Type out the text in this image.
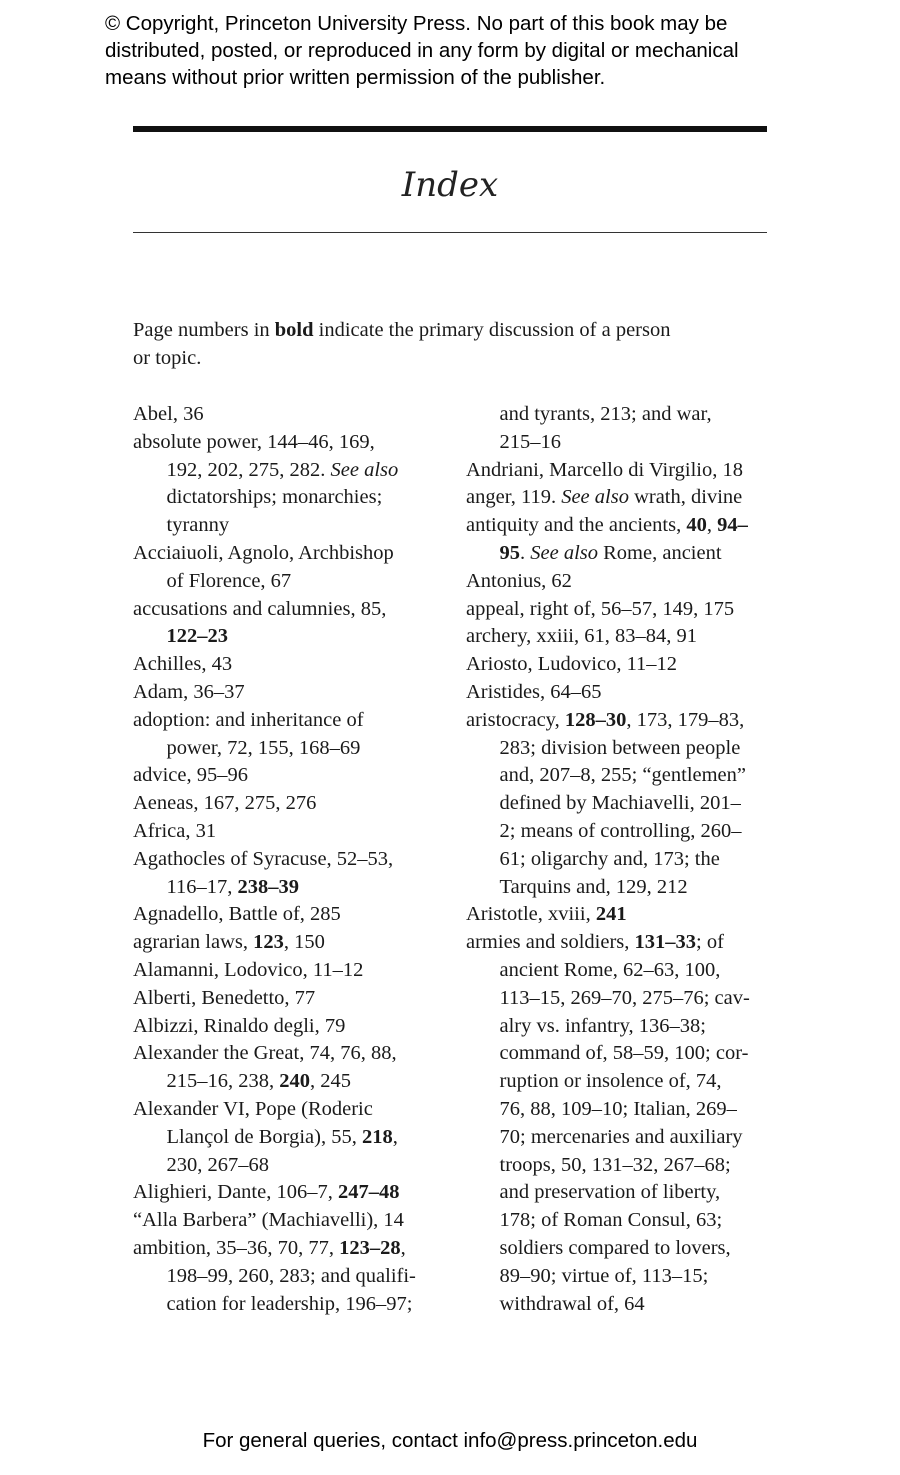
© Copyright, Princeton University Press. No part of this book may be
distributed, posted, or reproduced in any form by digital or mechanical
means without prior written permission of the publisher.
Index
Page numbers in bold indicate the primary discussion of a person
or topic.
Abel, 36
absolute power, 144–46, 169,
192, 202, 275, 282. See also
dictatorships; monarchies;
tyranny
Acciaiuoli, Agnolo, Archbishop
of Florence, 67
accusations and calumnies, 85,
122–23
Achilles, 43
Adam, 36–37
adoption: and inheritance of
power, 72, 155, 168–69
advice, 95–96
Aeneas, 167, 275, 276
Africa, 31
Agathocles of Syracuse, 52–53,
116–17, 238–39
Agnadello, Battle of, 285
agrarian laws, 123, 150
Alamanni, Lodovico, 11–12
Alberti, Benedetto, 77
Albizzi, Rinaldo degli, 79
Alexander the Great, 74, 76, 88,
215–16, 238, 240, 245
Alexander VI, Pope (Roderic
Llançol de Borgia), 55, 218,
230, 267–68
Alighieri, Dante, 106–7, 247–48
“Alla Barbera” (Machiavelli), 14
ambition, 35–36, 70, 77, 123–28,
198–99, 260, 283; and qualifi-
cation for leadership, 196–97;
and tyrants, 213; and war,
215–16
Andriani, Marcello di Virgilio, 18
anger, 119. See also wrath, divine
antiquity and the ancients, 40, 94–
95. See also Rome, ancient
Antonius, 62
appeal, right of, 56–57, 149, 175
archery, xxiii, 61, 83–84, 91
Ariosto, Ludovico, 11–12
Aristides, 64–65
aristocracy, 128–30, 173, 179–83,
283; division between people
and, 207–8, 255; “gentlemen”
defined by Machiavelli, 201–
2; means of controlling, 260–
61; oligarchy and, 173; the
Tarquins and, 129, 212
Aristotle, xviii, 241
armies and soldiers, 131–33; of
ancient Rome, 62–63, 100,
113–15, 269–70, 275–76; cav-
alry vs. infantry, 136–38;
command of, 58–59, 100; cor-
ruption or insolence of, 74,
76, 88, 109–10; Italian, 269–
70; mercenaries and auxiliary
troops, 50, 131–32, 267–68;
and preservation of liberty,
178; of Roman Consul, 63;
soldiers compared to lovers,
89–90; virtue of, 113–15;
withdrawal of, 64
For general queries, contact info@press.princeton.edu
